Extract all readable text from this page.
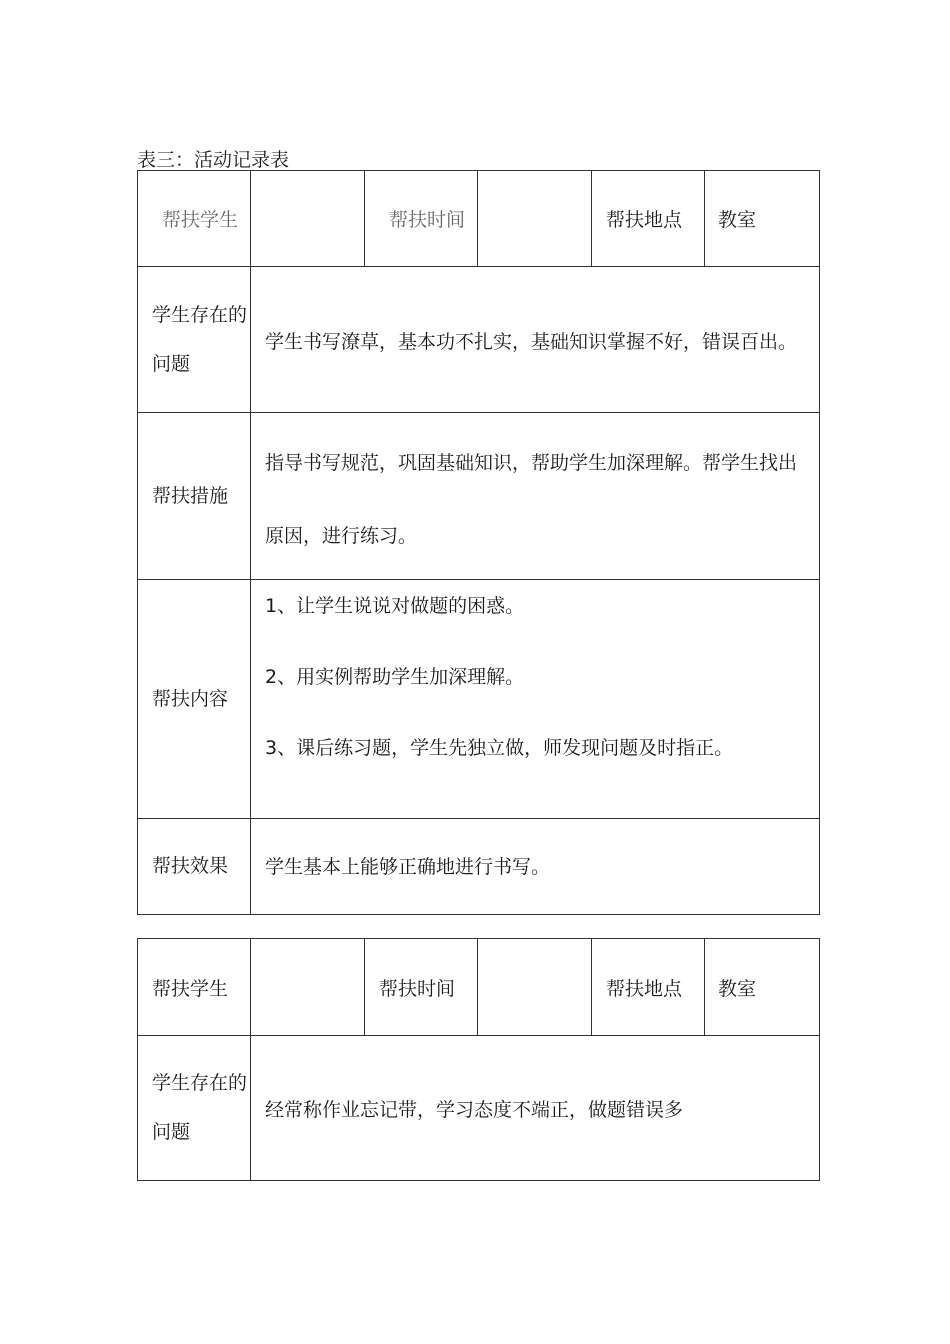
表三：活动记录表
帮扶学生		帮扶时间		帮扶地点	教室
学生存在的问题	学生书写潦草，基本功不扎实，基础知识掌握不好，错误百出。				
帮扶措施	指导书写规范，巩固基础知识，帮助学生加深理解。帮学生找出原因，进行练习。				
帮扶内容	1、让学生说说对做题的困惑。
2、用实例帮助学生加深理解。
3、课后练习题，学生先独立做，师发现问题及时指正。				

帮扶效果	学生基本上能够正确地进行书写。				
帮扶学生		帮扶时间		帮扶地点	教室
学生存在的问题	经常称作业忘记带，学习态度不端正，做题错误多				
